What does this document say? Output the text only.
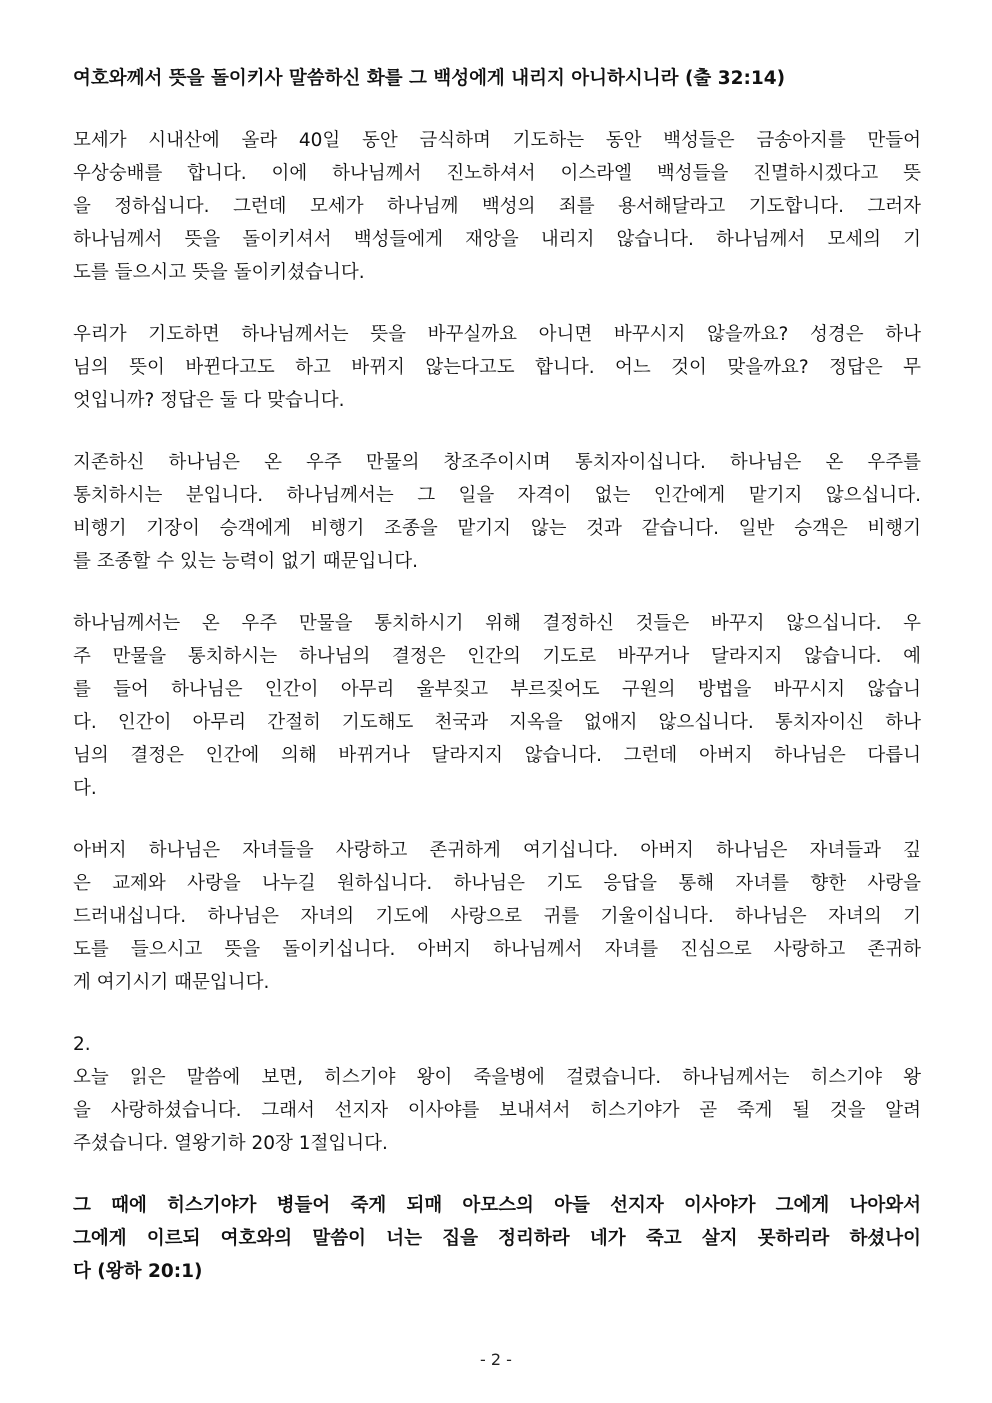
여호와께서 뜻을 돌이키사 말씀하신 화를 그 백성에게 내리지 아니하시니라 (출 32:14)
모세가 시내산에 올라 40일 동안 금식하며 기도하는 동안 백성들은 금송아지를 만들어
우상숭배를 합니다. 이에 하나님께서 진노하셔서 이스라엘 백성들을 진멸하시겠다고 뜻
을 정하십니다. 그런데 모세가 하나님께 백성의 죄를 용서해달라고 기도합니다. 그러자
하나님께서 뜻을 돌이키셔서 백성들에게 재앙을 내리지 않습니다. 하나님께서 모세의 기
도를 들으시고 뜻을 돌이키셨습니다.
우리가 기도하면 하나님께서는 뜻을 바꾸실까요 아니면 바꾸시지 않을까요? 성경은 하나
님의 뜻이 바뀐다고도 하고 바뀌지 않는다고도 합니다. 어느 것이 맞을까요? 정답은 무
엇입니까? 정답은 둘 다 맞습니다.
지존하신 하나님은 온 우주 만물의 창조주이시며 통치자이십니다. 하나님은 온 우주를
통치하시는 분입니다. 하나님께서는 그 일을 자격이 없는 인간에게 맡기지 않으십니다.
비행기 기장이 승객에게 비행기 조종을 맡기지 않는 것과 같습니다. 일반 승객은 비행기
를 조종할 수 있는 능력이 없기 때문입니다.
하나님께서는 온 우주 만물을 통치하시기 위해 결정하신 것들은 바꾸지 않으십니다. 우
주 만물을 통치하시는 하나님의 결정은 인간의 기도로 바꾸거나 달라지지 않습니다. 예
를 들어 하나님은 인간이 아무리 울부짖고 부르짖어도 구원의 방법을 바꾸시지 않습니
다. 인간이 아무리 간절히 기도해도 천국과 지옥을 없애지 않으십니다. 통치자이신 하나
님의 결정은 인간에 의해 바뀌거나 달라지지 않습니다. 그런데 아버지 하나님은 다릅니
다.
아버지 하나님은 자녀들을 사랑하고 존귀하게 여기십니다. 아버지 하나님은 자녀들과 깊
은 교제와 사랑을 나누길 원하십니다. 하나님은 기도 응답을 통해 자녀를 향한 사랑을
드러내십니다. 하나님은 자녀의 기도에 사랑으로 귀를 기울이십니다. 하나님은 자녀의 기
도를 들으시고 뜻을 돌이키십니다. 아버지 하나님께서 자녀를 진심으로 사랑하고 존귀하
게 여기시기 때문입니다.
2.
오늘 읽은 말씀에 보면, 히스기야 왕이 죽을병에 걸렸습니다. 하나님께서는 히스기야 왕
을 사랑하셨습니다. 그래서 선지자 이사야를 보내셔서 히스기야가 곧 죽게 될 것을 알려
주셨습니다. 열왕기하 20장 1절입니다.
그 때에 히스기야가 병들어 죽게 되매 아모스의 아들 선지자 이사야가 그에게 나아와서
그에게 이르되 여호와의 말씀이 너는 집을 정리하라 네가 죽고 살지 못하리라 하셨나이
다 (왕하 20:1)
- 2 -
